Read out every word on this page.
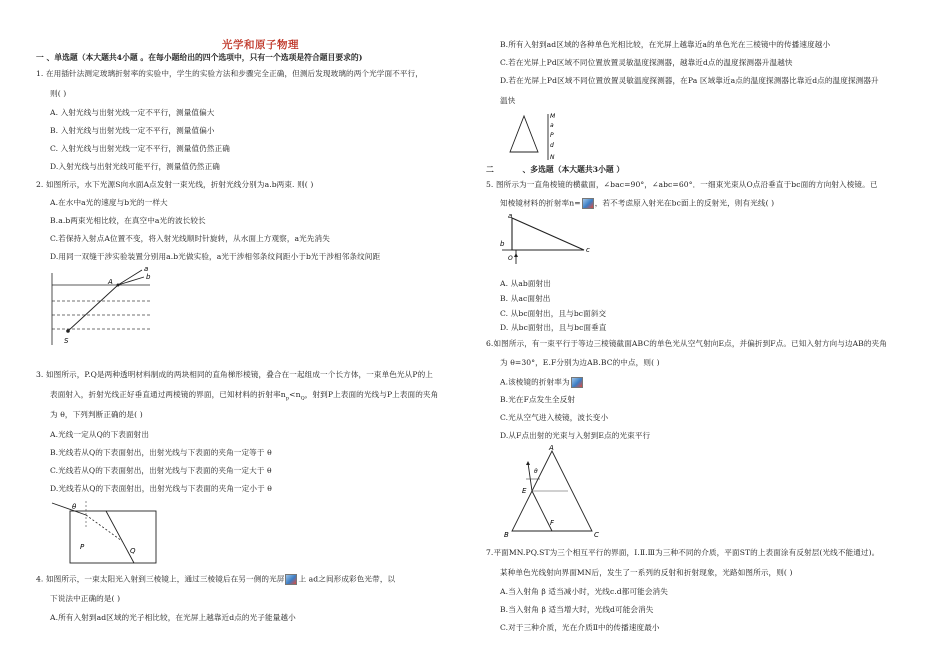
光学和原子物理
一 、单选题（本大题共4小题 。在每小题给出的四个选项中，只有一个选项是符合题目要求的)
1. 在用插针法测定玻璃折射率的实验中，学生的实验方法和步骤完全正确，但测后发现玻璃的两个光学面不平行，
则( )
A. 入射光线与出射光线一定不平行，测量值偏大
B. 入射光线与出射光线一定不平行，测量值偏小
C. 入射光线与出射光线一定不平行，测量值仍然正确
D.入射光线与出射光线可能平行，测量值仍然正确
2. 如图所示，水下光源S向水面A点发射一束光线，折射光线分别为a.b两束. 则( )
A.在水中a光的速度与b光的一样大
B.a.b两束光相比较，在真空中a光的波长较长
C.若保持入射点A位置不变，将入射光线顺时针旋转，从水面上方观察，a光先消失
D.用同一双缝干涉实验装置分别用a.b光做实验，a光干涉相邻条纹间距小于b光干涉相邻条纹间距
a
b
A
S
3. 如图所示，P.Q是两种透明材料制成的两块相同的直角梯形棱镜，叠合在一起组成一个长方体，一束单色光从P的上
表面射入，折射光线正好垂直通过两棱镜的界面，已知材料的折射率$n_p<n_Q$，射到P上表面的光线与P上表面的夹角
为 θ，下列判断正确的是( )
A.光线一定从Q的下表面射出
B.光线若从Q的下表面射出，出射光线与下表面的夹角一定等于 θ
C.光线若从Q的下表面射出，出射光线与下表面的夹角一定大于 θ
D.光线若从Q的下表面射出，出射光线与下表面的夹角一定小于 θ
θ
P	Q
4. 如图所示，一束太阳光入射到三棱镜上，通过三棱镜后在另一侧的光屏 上 ad之间形成彩色光带，以
下说法中正确的是( )
A.所有入射到ad区域的光子相比较，在光屏上越靠近d点的光子能量越小
B.所有入射到ad区域的各种单色光相比较，在光屏上越靠近a的单色光在三棱镜中的传播速度越小
C.若在光屏上Pd区域不同位置放置灵敏温度探测器，越靠近d点的温度探测器升温越快
D.若在光屏上Pd区域不同位置放置灵敏温度探测器，在Pa 区域靠近a点的温度探测器比靠近d点的温度探测器升
温快
M
a
P
d
N
二	、多选题（本大题共3小题 ）
5. 图所示为一直角棱镜的横截面，∠bac=90°，∠abc=60°．一细束光束从O点沿垂直于bc面的方向射入棱镜。已
知棱镜材料的折射率n= ，若不考虑原入射光在bc面上的反射光，则有光线( )
b
a
c
O
A. 从ab面射出
B. 从ac面射出
C. 从bc面射出，且与bc面斜交
D. 从bc面射出，且与bc面垂直
6.如图所示，有一束平行于等边三棱镜截面ABC的单色光从空气射向E点，并偏折到F点。已知入射方向与边AB的夹角
为 θ=30°，E.F分别为边AB.BC的中点，则( )
A.该棱镜的折射率为
B.光在F点发生全反射
C.光从空气进入棱镜，波长变小
D.从F点出射的光束与入射到E点的光束平行
A
B	C
E
F
θ
7.平面MN.PQ.ST为三个相互平行的界面，Ⅰ.Ⅱ.Ⅲ为三种不同的介质，平面ST的上表面涂有反射层(光线不能通过)。
某种单色光线射向界面MN后，发生了一系列的反射和折射现象，光路如图所示，则( )
A.当入射角 β 适当减小时，光线c.d都可能会消失
B.当入射角 β 适当增大时，光线d可能会消失
C.对于三种介质，光在介质Ⅱ中的传播速度最小
